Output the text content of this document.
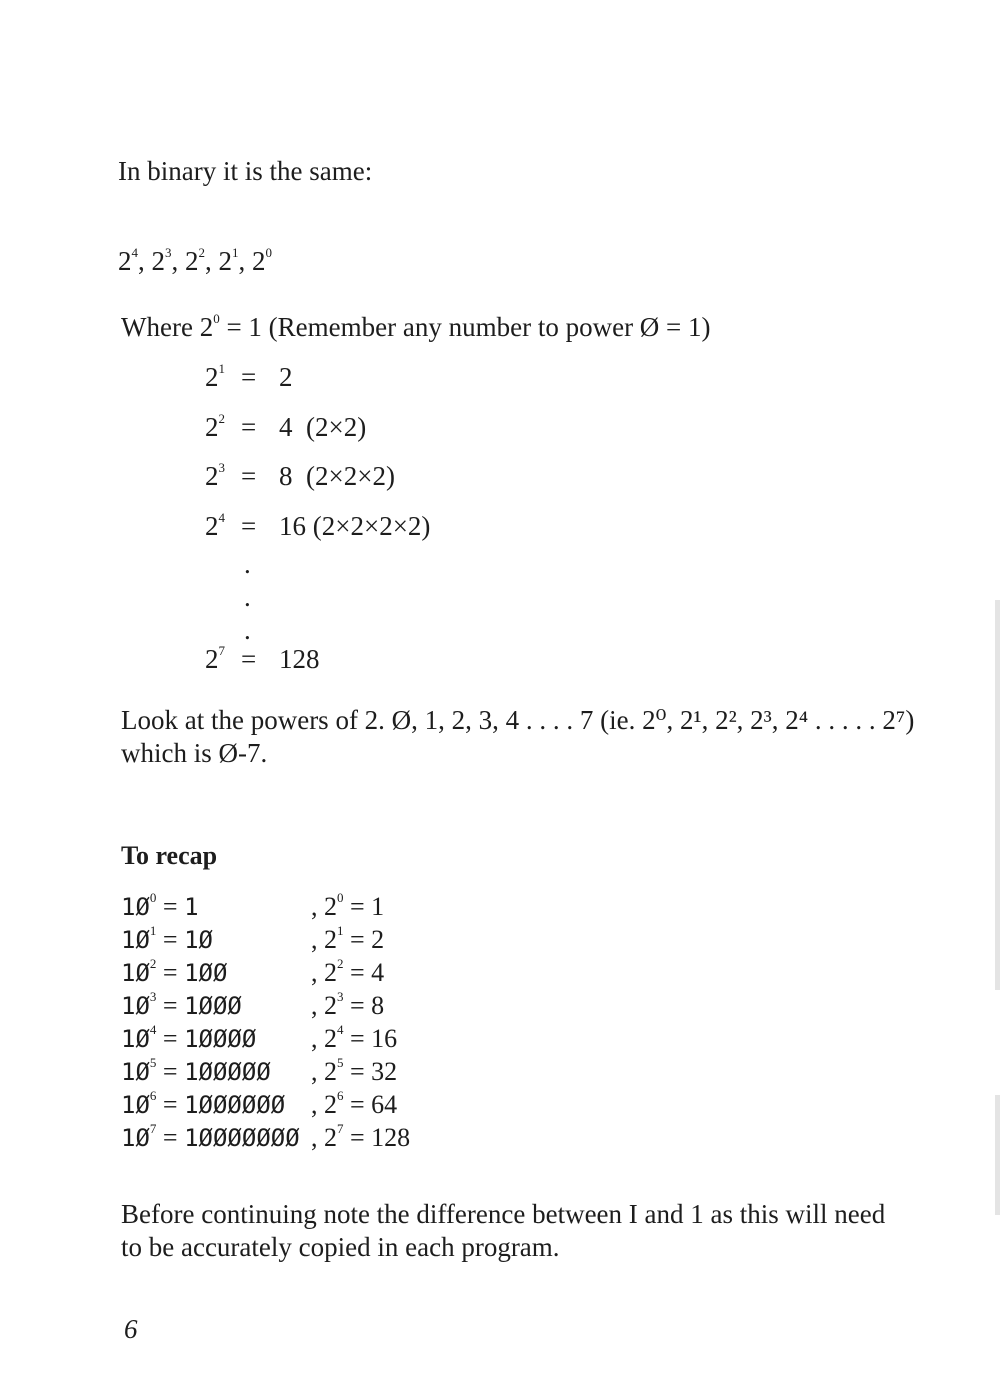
In binary it is the same:
$2^4$, $2^3$, $2^2$, $2^1$, $2^0$
Where $2^0 = 1$ (Remember any number to power Ø = 1)
$2^1 = 2$
$2^2 = 4$  (2×2)
$2^3 = 8$  (2×2×2)
$2^4 = 16$ (2×2×2×2)
.
.
.
$2^7 = 128$
Look at the powers of 2. Ø, 1, 2, 3, 4 . . . . 7 (ie. 2⁰, 2¹, 2², 2³, 2⁴ . . . . . 2⁷)
which is Ø-7.
To recap
$1Ø^0 = 1$	, $2^0 = 1$
$1Ø^1$ = 1Ø	, $2^1 = 2$
$1Ø^2$ = 1ØØ	, $2^2 = 4$
$1Ø^3$ = 1ØØØ	, $2^3 = 8$
$1Ø^4$ = 1ØØØØ , $2^4 = 16$
$1Ø^5$ = 1ØØØØØ , $2^5 = 32$
$1Ø^6$ = 1ØØØØØØ , $2^6 = 64$
$1Ø^7$ = 1ØØØØØØØ , $2^7 = 128$
Before continuing note the difference between I and 1 as this will need
to be accurately copied in each program.
6
